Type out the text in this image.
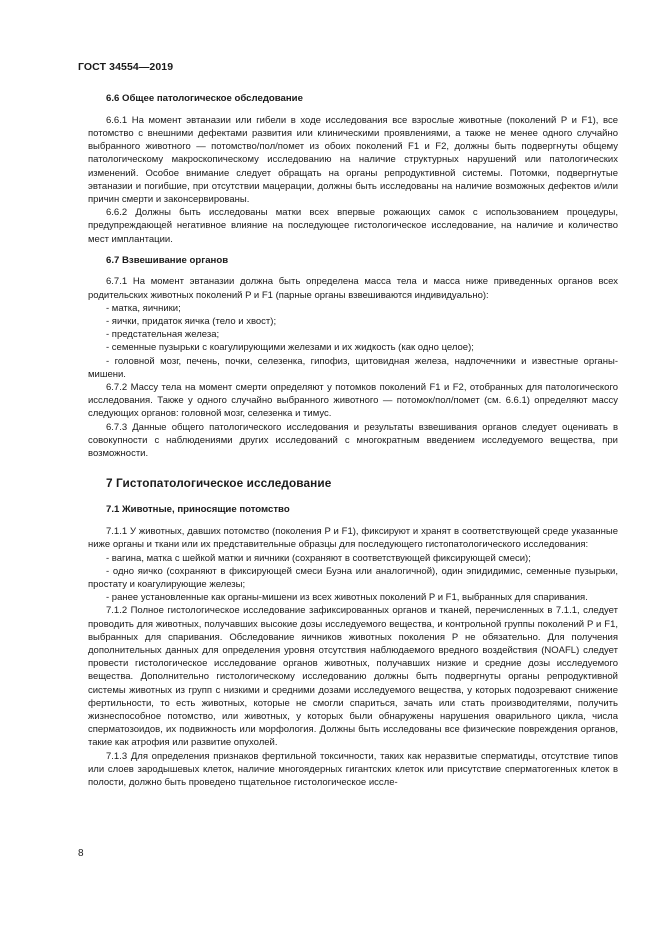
ГОСТ 34554—2019
6.6 Общее патологическое обследование

6.6.1 На момент эвтаназии или гибели в ходе исследования все взрослые животные (поколений P и F1), все потомство с внешними дефектами развития или клиническими проявлениями, а также не менее одного случайно выбранного животного — потомство/пол/помет из обоих поколений F1 и F2, должны быть подвергнуты общему патологическому макроскопическому исследованию на наличие структурных нарушений или патологических изменений. Особое внимание следует обращать на органы репродуктивной системы. Потомки, подвергнутые эвтаназии и погибшие, при отсутствии мацерации, должны быть исследованы на наличие возможных дефектов и/или причин смерти и законсервированы.

6.6.2 Должны быть исследованы матки всех впервые рожающих самок с использованием процедуры, предупреждающей негативное влияние на последующее гистологическое исследование, на наличие и количество мест имплантации.

6.7 Взвешивание органов

6.7.1 На момент эвтаназии должна быть определена масса тела и масса ниже приведенных органов всех родительских животных поколений P и F1 (парные органы взвешиваются индивидуально):

- матка, яичники;

- яички, придаток яичка (тело и хвост);

- предстательная железа;

- семенные пузырьки с коагулирующими железами и их жидкость (как одно целое);

- головной мозг, печень, почки, селезенка, гипофиз, щитовидная железа, надпочечники и известные органы-мишени.

6.7.2 Массу тела на момент смерти определяют у потомков поколений F1 и F2, отобранных для патологического исследования. Также у одного случайно выбранного животного — потомок/пол/помет (см. 6.6.1) определяют массу следующих органов: головной мозг, селезенка и тимус.

6.7.3 Данные общего патологического исследования и результаты взвешивания органов следует оценивать в совокупности с наблюдениями других исследований с многократным введением исследуемого вещества, при возможности.

7 Гистопатологическое исследование
7.1 Животные, приносящие потомство

7.1.1 У животных, давших потомство (поколения P и F1), фиксируют и хранят в соответствующей среде указанные ниже органы и ткани или их представительные образцы для последующего гистопатологического исследования:

- вагина, матка с шейкой матки и яичники (сохраняют в соответствующей фиксирующей смеси);

- одно яичко (сохраняют в фиксирующей смеси Буэна или аналогичной), один эпидидимис, семенные пузырьки, простату и коагулирующие железы;

- ранее установленные как органы-мишени из всех животных поколений P и F1, выбранных для спаривания.

7.1.2 Полное гистологическое исследование зафиксированных органов и тканей, перечисленных в 7.1.1, следует проводить для животных, получавших высокие дозы исследуемого вещества, и контрольной группы поколений P и F1, выбранных для спаривания. Обследование яичников животных поколения P не обязательно. Для получения дополнительных данных для определения уровня отсутствия наблюдаемого вредного воздействия (NOAFL) следует провести гистологическое исследование органов животных, получавших низкие и средние дозы исследуемого вещества. Дополнительно гистологическому исследованию должны быть подвергнуты органы репродуктивной системы животных из групп с низкими и средними дозами исследуемого вещества, у которых подозревают снижение фертильности, то есть животных, которые не смогли спариться, зачать или стать производителями, получить жизнеспособное потомство, или животных, у которых были обнаружены нарушения оварильного цикла, числа сперматозоидов, их подвижность или морфология. Должны быть исследованы все физические повреждения органов, такие как атрофия или развитие опухолей.

7.1.3 Для определения признаков фертильной токсичности, таких как неразвитые сперматиды, отсутствие типов или слоев зародышевых клеток, наличие многоядерных гигантских клеток или присутствие сперматогенных клеток в полости, должно быть проведено тщательное гистологическое иссле-

8
